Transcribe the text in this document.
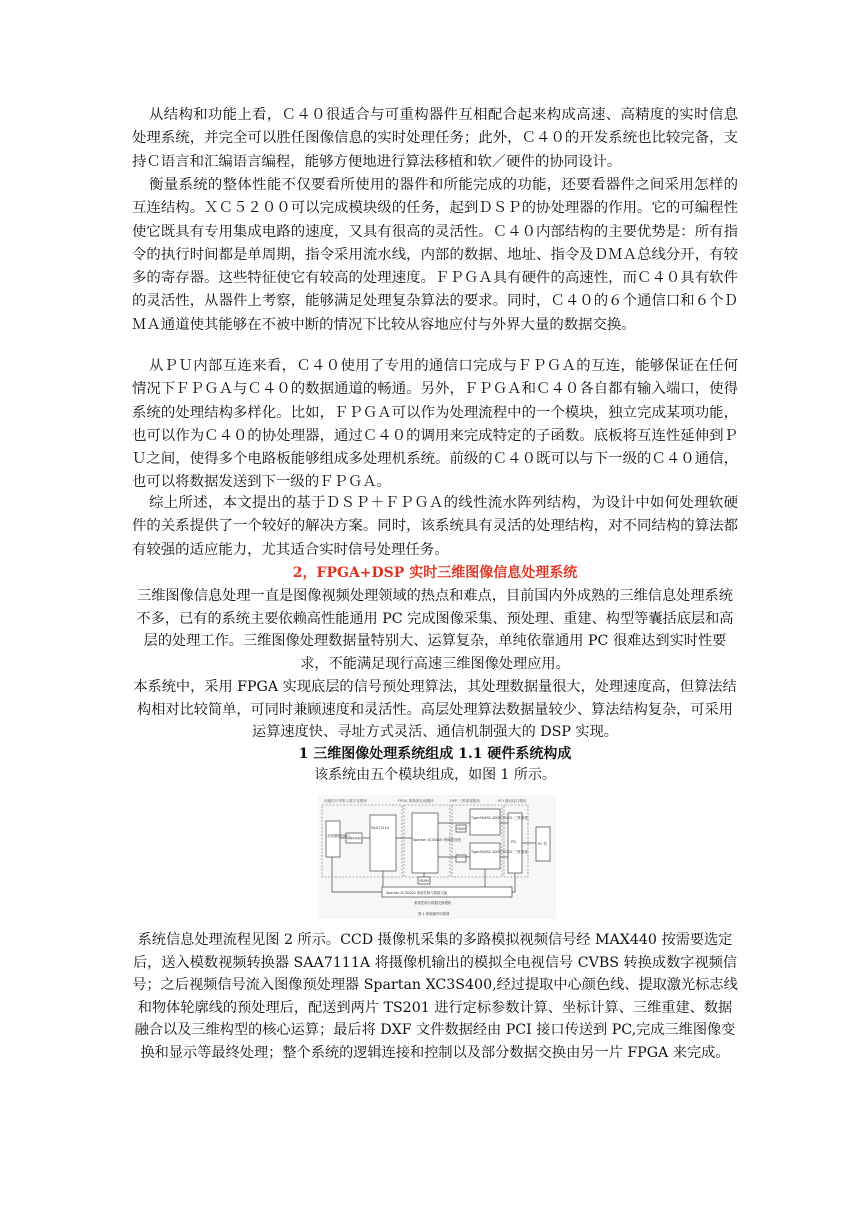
从结构和功能上看，Ｃ４０很适合与可重构器件互相配合起来构成高速、高精度的实时信息处理系统，并完全可以胜任图像信息的实时处理任务；此外，Ｃ４０的开发系统也比较完备，支持Ｃ语言和汇编语言编程，能够方便地进行算法移植和软／硬件的协同设计。

衡量系统的整体性能不仅要看所使用的器件和所能完成的功能，还要看器件之间采用怎样的互连结构。ＸＣ５２００可以完成模块级的任务，起到ＤＳＰ的协处理器的作用。它的可编程性使它既具有专用集成电路的速度，又具有很高的灵活性。Ｃ４０内部结构的主要优势是：所有指令的执行时间都是单周期，指令采用流水线，内部的数据、地址、指令及ＤＭＡ总线分开，有较多的寄存器。这些特征使它有较高的处理速度。ＦＰＧＡ具有硬件的高速性，而Ｃ４０具有软件的灵活性，从器件上考察，能够满足处理复杂算法的要求。同时，Ｃ４０的６个通信口和６个ＤＭＡ通道使其能够在不被中断的情况下比较从容地应付与外界大量的数据交换。

从ＰＵ内部互连来看，Ｃ４０使用了专用的通信口完成与ＦＰＧＡ的互连，能够保证在任何情况下ＦＰＧＡ与Ｃ４０的数据通道的畅通。另外，ＦＰＧＡ和Ｃ４０各自都有输入端口，使得系统的处理结构多样化。比如，ＦＰＧＡ可以作为处理流程中的一个模块，独立完成某项功能，也可以作为Ｃ４０的协处理器，通过Ｃ４０的调用来完成特定的子函数。底板将互连性延伸到ＰＵ之间，使得多个电路板能够组成多处理机系统。前级的Ｃ４０既可以与下一级的Ｃ４０通信，也可以将数据发送到下一级的ＦＰＧＡ。

综上所述，本文提出的基于ＤＳＰ＋ＦＰＧＡ的线性流水阵列结构，为设计中如何处理软硬件的关系提供了一个较好的解决方案。同时，该系统具有灵活的处理结构，对不同结构的算法都有较强的适应能力，尤其适合实时信号处理任务。

2，FPGA+DSP 实时三维图像信息处理系统

三维图像信息处理一直是图像视频处理领域的热点和难点，目前国内外成熟的三维信息处理系统不多，已有的系统主要依赖高性能通用 PC 完成图像采集、预处理、重建、构型等囊括底层和高层的处理工作。三维图像处理数据量特别大、运算复杂，单纯依靠通用 PC 很难达到实时性要求，不能满足现行高速三维图像处理应用。

本系统中，采用 FPGA 实现底层的信号预处理算法，其处理数据量很大，处理速度高，但算法结构相对比较简单，可同时兼顾速度和灵活性。高层处理算法数据量较少、算法结构复杂，可采用运算速度快、寻址方式灵活、通信机制强大的 DSP 实现。

1 三维图像处理系统组成 1.1 硬件系统构成

该系统由五个模块组成，如图 1 所示。

视频信号采集与数字化模块	FPGA 图像预处理模块	DSP 三维重建模块	PCI 通信接口模块
多路摄像机输入
MAX440
SAA7111A
Spartan XC3S400 图像预处理
SRAM
TigerSHARC ADSP-TS201 三维重建
TigerSHARC ADSP-TS201 三维重建
SRAM
PCI	PC 机
Spartan XC3S400 系统控制与数据交换
系统控制与数据交换模块
图 1 系统硬件结构图

系统信息处理流程见图 2 所示。CCD 摄像机采集的多路模拟视频信号经 MAX440 按需要选定后，送入模数视频转换器 SAA7111A 将摄像机输出的模拟全电视信号 CVBS 转换成数字视频信号；之后视频信号流入图像预处理器 Spartan XC3S400,经过提取中心颜色线、提取激光标志线和物体轮廓线的预处理后，配送到两片 TS201 进行定标参数计算、坐标计算、三维重建、数据融合以及三维构型的核心运算；最后将 DXF 文件数据经由 PCI 接口传送到 PC,完成三维图像变换和显示等最终处理；整个系统的逻辑连接和控制以及部分数据交换由另一片 FPGA 来完成。
